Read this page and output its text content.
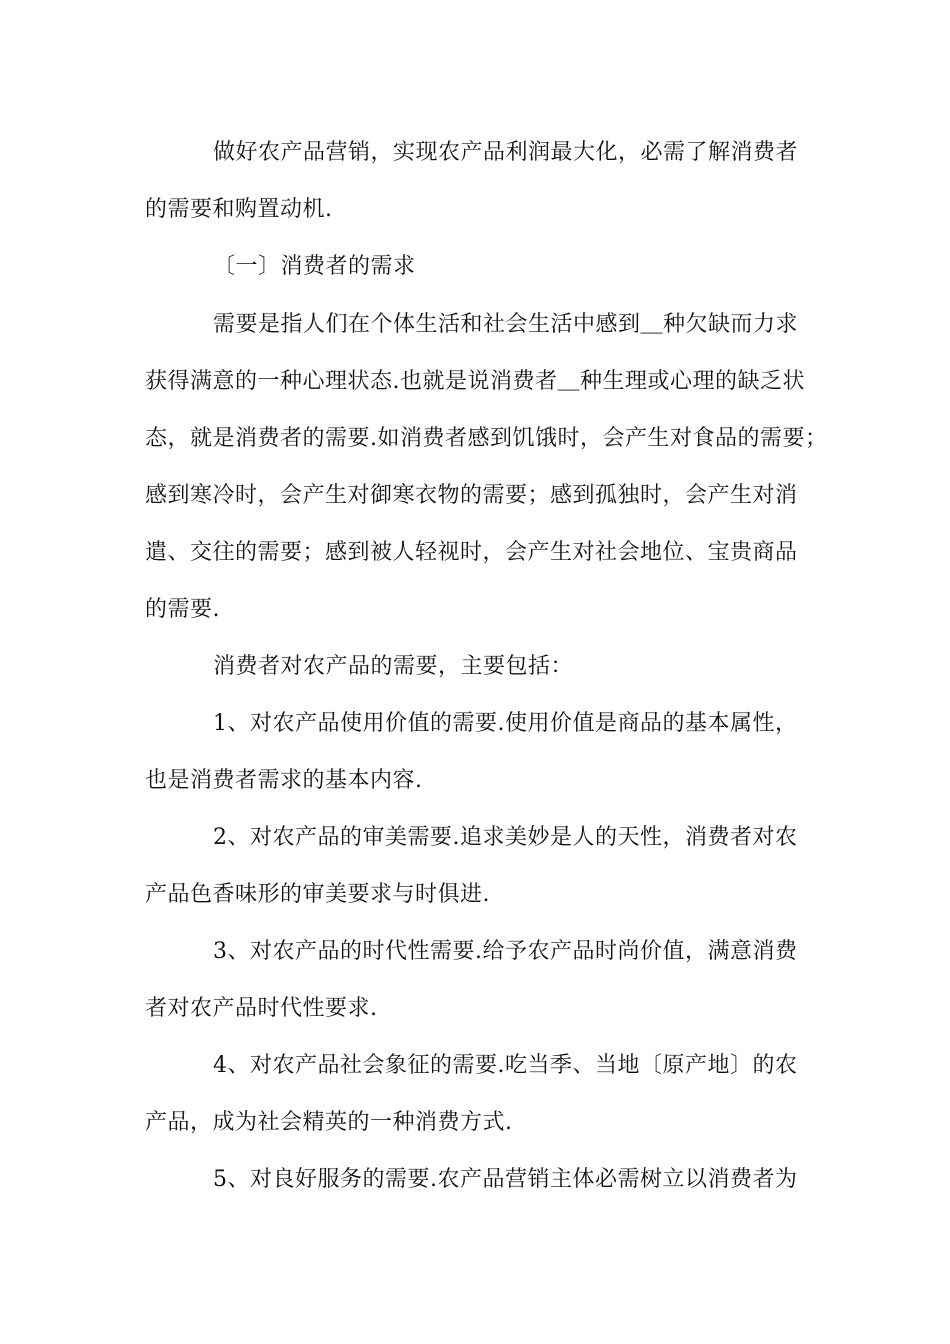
做好农产品营销，实现农产品利润最大化，必需了解消费者
的需要和购置动机.
〔一〕消费者的需求
需要是指人们在个体生活和社会生活中感到＿种欠缺而力求
获得满意的一种心理状态.也就是说消费者＿种生理或心理的缺乏状
态，就是消费者的需要.如消费者感到饥饿时，会产生对食品的需要；
感到寒冷时，会产生对御寒衣物的需要；感到孤独时，会产生对消
遣、交往的需要；感到被人轻视时，会产生对社会地位、宝贵商品
的需要.
消费者对农产品的需要，主要包括：
1、对农产品使用价值的需要.使用价值是商品的基本属性，
也是消费者需求的基本内容.
2、对农产品的审美需要.追求美妙是人的天性，消费者对农
产品色香味形的审美要求与时俱进.
3、对农产品的时代性需要.给予农产品时尚价值，满意消费
者对农产品时代性要求.
4、对农产品社会象征的需要.吃当季、当地〔原产地〕的农
产品，成为社会精英的一种消费方式.
5、对良好服务的需要.农产品营销主体必需树立以消费者为
